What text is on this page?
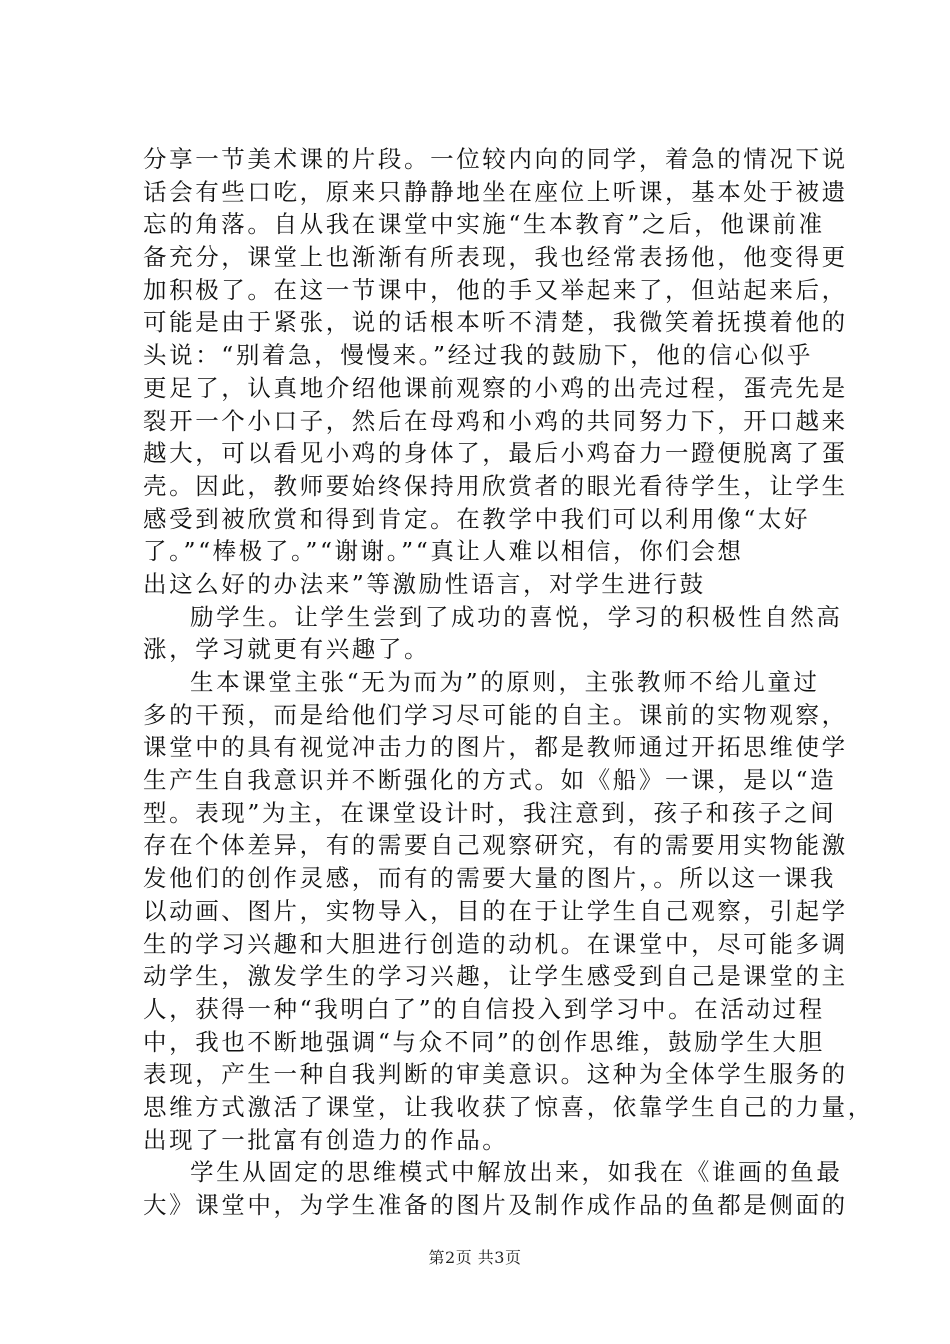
分享一节美术课的片段。一位较内向的同学，着急的情况下说
话会有些口吃，原来只静静地坐在座位上听课，基本处于被遗
忘的角落。自从我在课堂中实施“生本教育”之后，他课前准
备充分，课堂上也渐渐有所表现，我也经常表扬他，他变得更
加积极了。在这一节课中，他的手又举起来了，但站起来后，
可能是由于紧张，说的话根本听不清楚，我微笑着抚摸着他的
头说：“别着急，慢慢来。”经过我的鼓励下，他的信心似乎
更足了，认真地介绍他课前观察的小鸡的出壳过程，蛋壳先是
裂开一个小口子，然后在母鸡和小鸡的共同努力下，开口越来
越大，可以看见小鸡的身体了，最后小鸡奋力一蹬便脱离了蛋
壳。因此，教师要始终保持用欣赏者的眼光看待学生，让学生
感受到被欣赏和得到肯定。在教学中我们可以利用像“太好
了。”“棒极了。”“谢谢。”“真让人难以相信，你们会想
出这么好的办法来”等激励性语言，对学生进行鼓
励学生。让学生尝到了成功的喜悦，学习的积极性自然高
涨，学习就更有兴趣了。
生本课堂主张“无为而为”的原则，主张教师不给儿童过
多的干预，而是给他们学习尽可能的自主。课前的实物观察，
课堂中的具有视觉冲击力的图片，都是教师通过开拓思维使学
生产生自我意识并不断强化的方式。如《船》一课，是以“造
型。表现”为主，在课堂设计时，我注意到，孩子和孩子之间
存在个体差异，有的需要自己观察研究，有的需要用实物能激
发他们的创作灵感，而有的需要大量的图片，。所以这一课我
以动画、图片，实物导入，目的在于让学生自己观察，引起学
生的学习兴趣和大胆进行创造的动机。在课堂中，尽可能多调
动学生，激发学生的学习兴趣，让学生感受到自己是课堂的主
人，获得一种“我明白了”的自信投入到学习中。在活动过程
中，我也不断地强调“与众不同”的创作思维，鼓励学生大胆
表现，产生一种自我判断的审美意识。这种为全体学生服务的
思维方式激活了课堂，让我收获了惊喜，依靠学生自己的力量，
出现了一批富有创造力的作品。
学生从固定的思维模式中解放出来，如我在《谁画的鱼最
大》课堂中，为学生准备的图片及制作成作品的鱼都是侧面的
第2页 共3页
